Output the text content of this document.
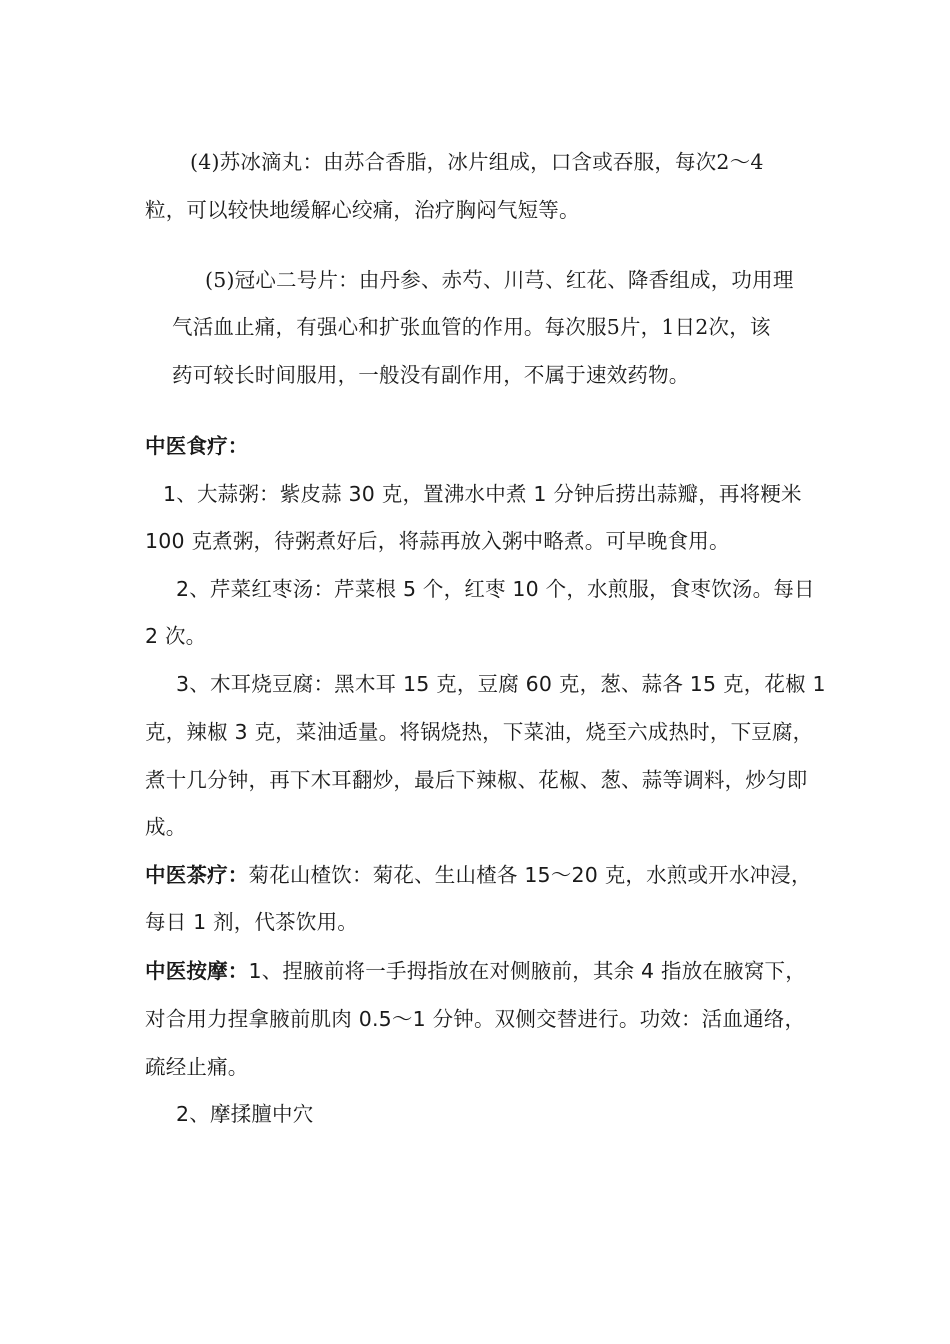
(4)苏冰滴丸：由苏合香脂，冰片组成，口含或吞服，每次2～4
粒，可以较快地缓解心绞痛，治疗胸闷气短等。
(5)冠心二号片：由丹参、赤芍、川芎、红花、降香组成，功用理
气活血止痛，有强心和扩张血管的作用。每次服5片，1日2次，该
药可较长时间服用，一般没有副作用，不属于速效药物。
中医食疗：
1、大蒜粥：紫皮蒜 30 克，置沸水中煮 1 分钟后捞出蒜瓣，再将粳米
100 克煮粥，待粥煮好后，将蒜再放入粥中略煮。可早晚食用。
2、芹菜红枣汤：芹菜根 5 个，红枣 10 个，水煎服，食枣饮汤。每日
2 次。
3、木耳烧豆腐：黑木耳 15 克，豆腐 60 克，葱、蒜各 15 克，花椒 1
克，辣椒 3 克，菜油适量。将锅烧热，下菜油，烧至六成热时，下豆腐，
煮十几分钟，再下木耳翻炒，最后下辣椒、花椒、葱、蒜等调料，炒匀即
成。
中医茶疗：菊花山楂饮：菊花、生山楂各 15～20 克，水煎或开水冲浸，
每日 1 剂，代茶饮用。
中医按摩：1、捏腋前将一手拇指放在对侧腋前，其余 4 指放在腋窝下，
对合用力捏拿腋前肌肉 0.5～1 分钟。双侧交替进行。功效：活血通络，
疏经止痛。
2、摩揉膻中穴
